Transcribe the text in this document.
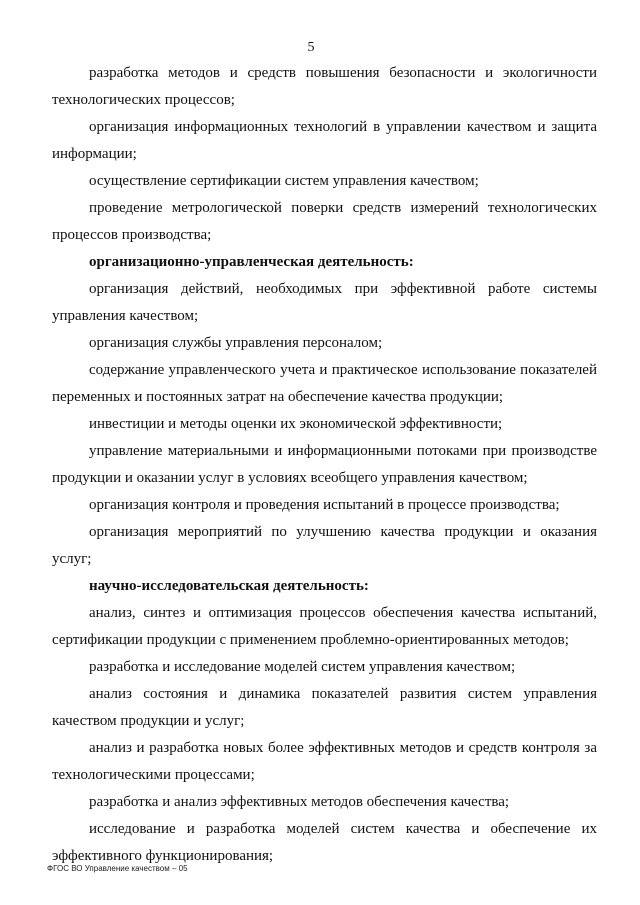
5

разработка методов и средств повышения безопасности и экологичности технологических процессов;

организация информационных технологий в управлении качеством и защита информации;

осуществление сертификации систем управления качеством;

проведение метрологической поверки средств измерений технологических процессов производства;

организационно-управленческая деятельность:

организация действий, необходимых при эффективной работе системы управления качеством;

организация службы управления персоналом;

содержание управленческого учета и практическое использование показателей переменных и постоянных затрат на обеспечение качества продукции;

инвестиции и методы оценки их экономической эффективности;

управление материальными и информационными потоками при производстве продукции и оказании услуг в условиях всеобщего управления качеством;

организация контроля и проведения испытаний в процессе производства;

организация мероприятий по улучшению качества продукции и оказания услуг;

научно-исследовательская деятельность:

анализ, синтез и оптимизация процессов обеспечения качества испытаний, сертификации продукции с применением проблемно-ориентированных методов;

разработка и исследование моделей систем управления качеством;

анализ состояния и динамика показателей развития систем управления качеством продукции и услуг;

анализ и разработка новых более эффективных методов и средств контроля за технологическими процессами;

разработка и анализ эффективных методов обеспечения качества;

исследование и разработка моделей систем качества и обеспечение их эффективного функционирования;

ФГОС ВО Управление качеством – 05
